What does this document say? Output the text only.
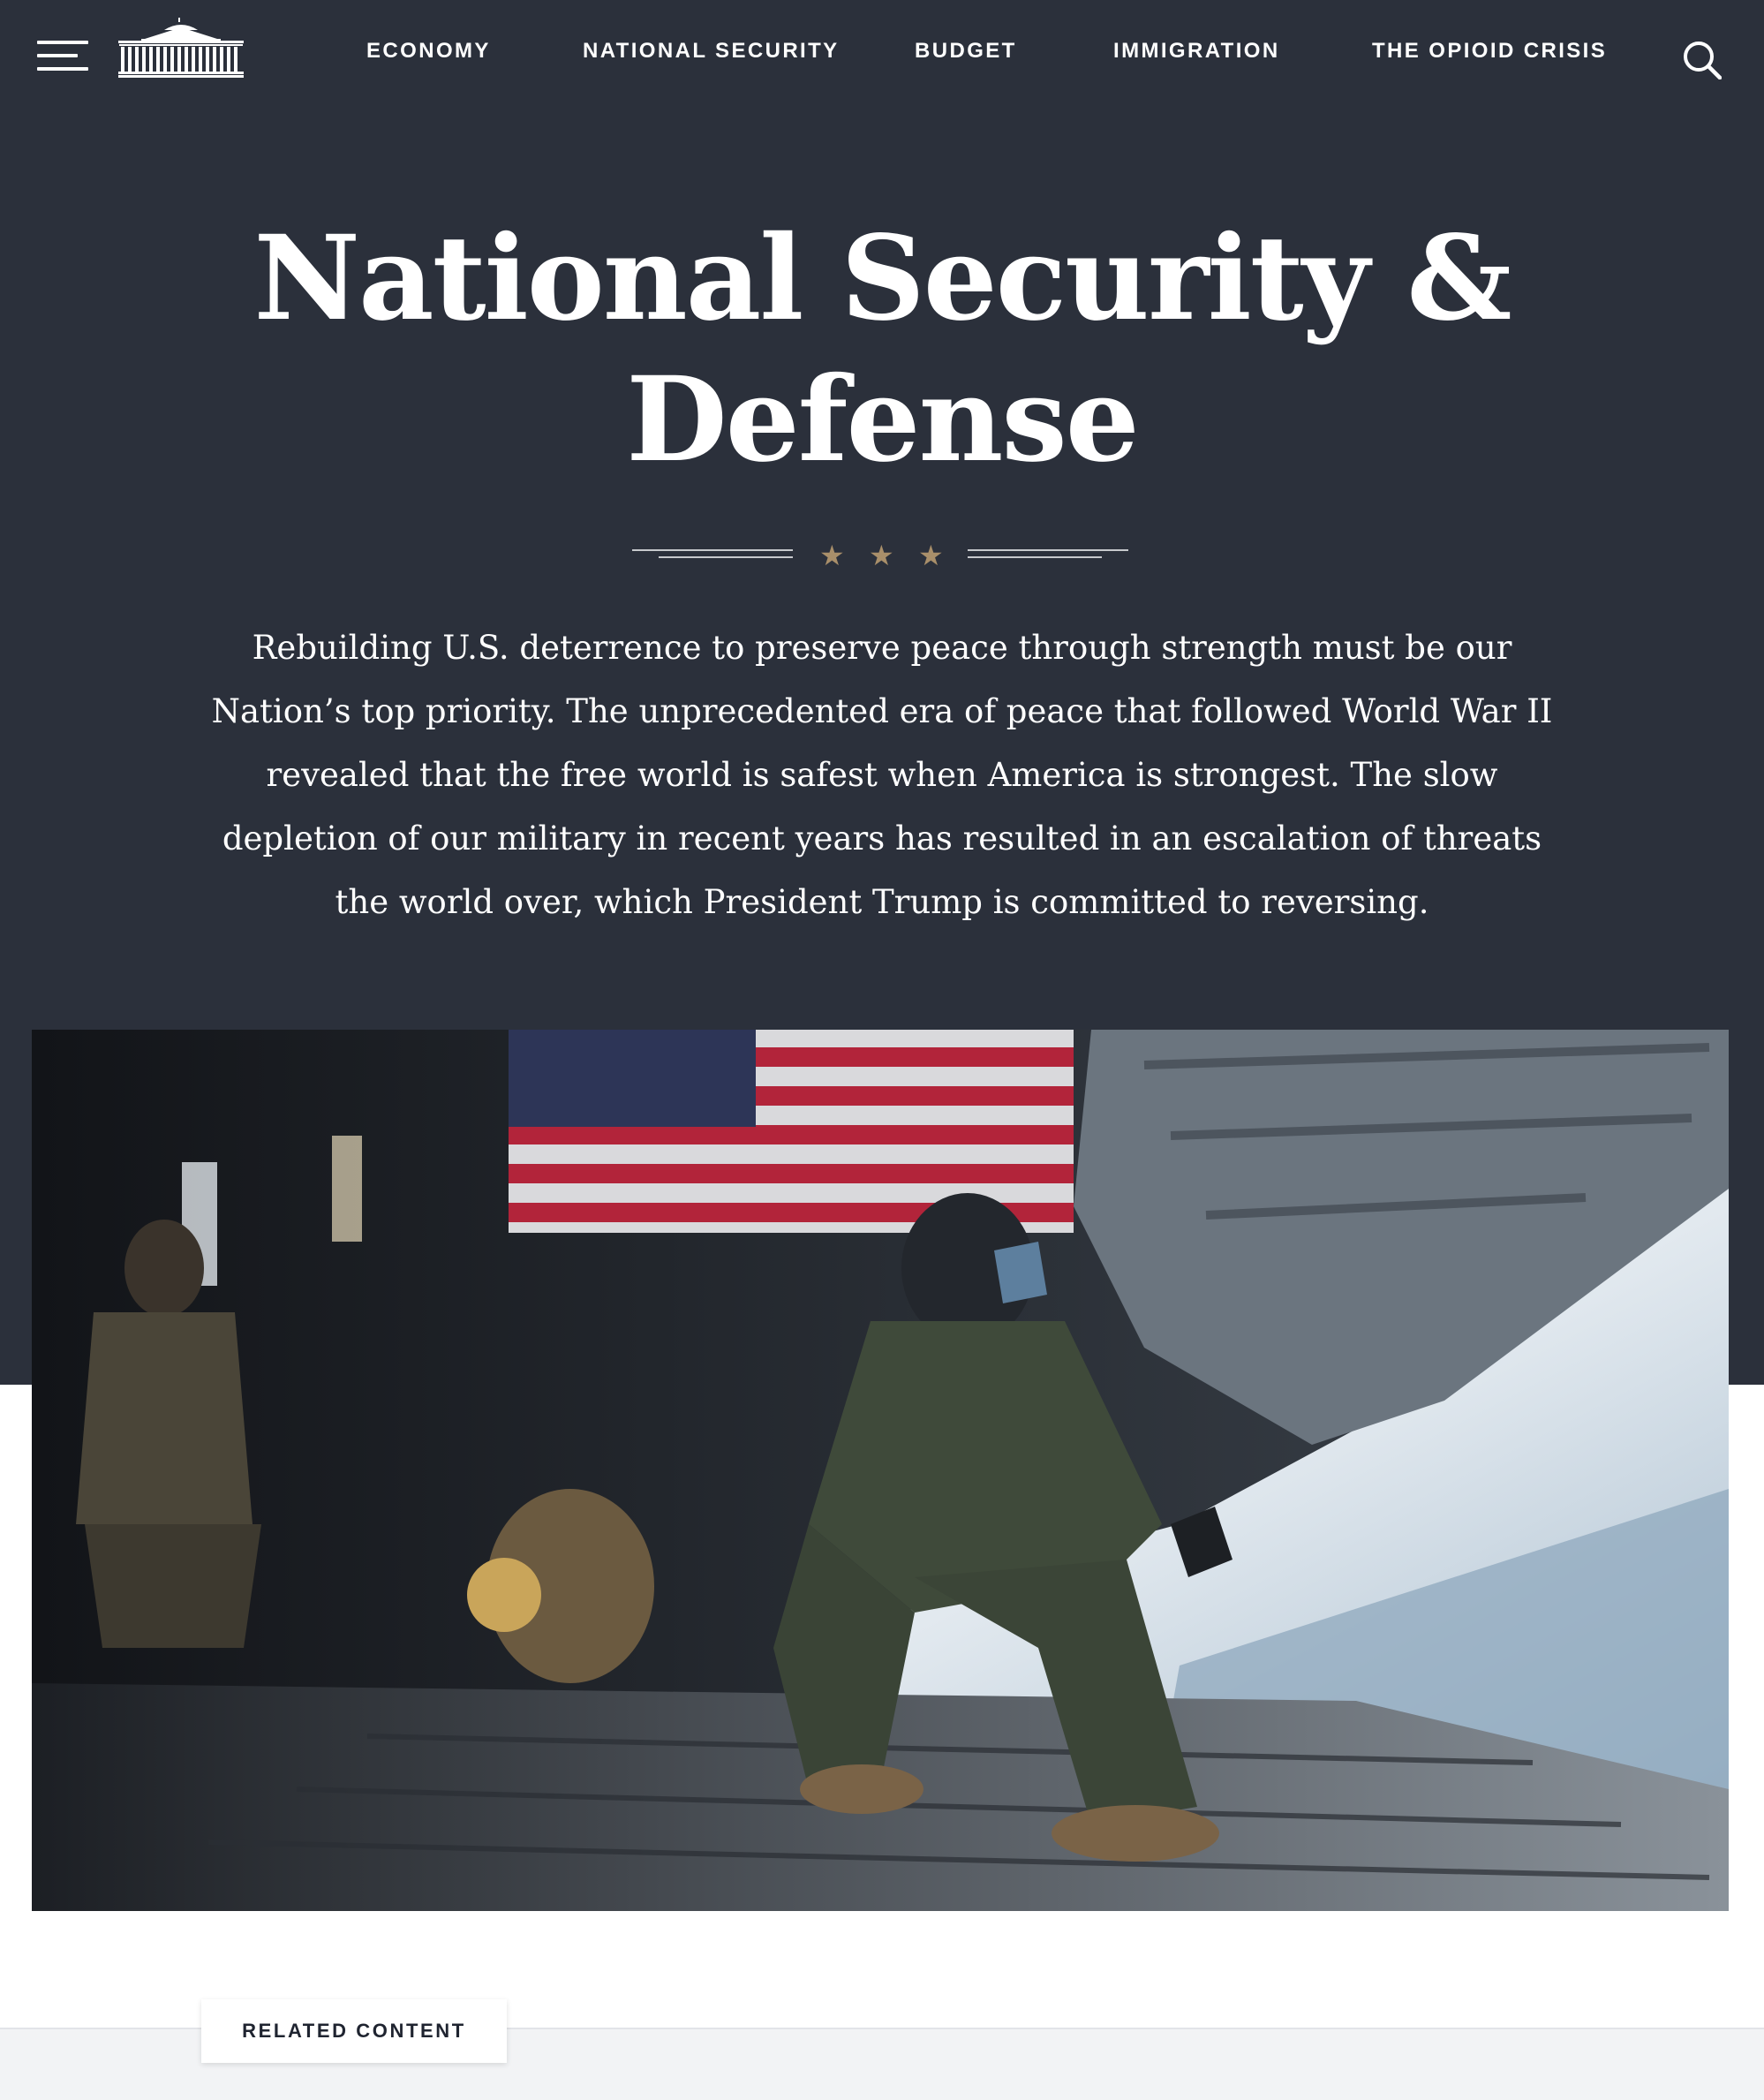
ECONOMY	NATIONAL SECURITY	BUDGET	IMMIGRATION	THE OPIOID CRISIS
National Security &
Defense
★ ★ ★

Rebuilding U.S. deterrence to preserve peace through strength must be our Nation’s top priority. The unprecedented era of peace that followed World War II revealed that the free world is safest when America is strongest. The slow depletion of our military in recent years has resulted in an escalation of threats the world over, which President Trump is committed to reversing.

RELATED CONTENT
